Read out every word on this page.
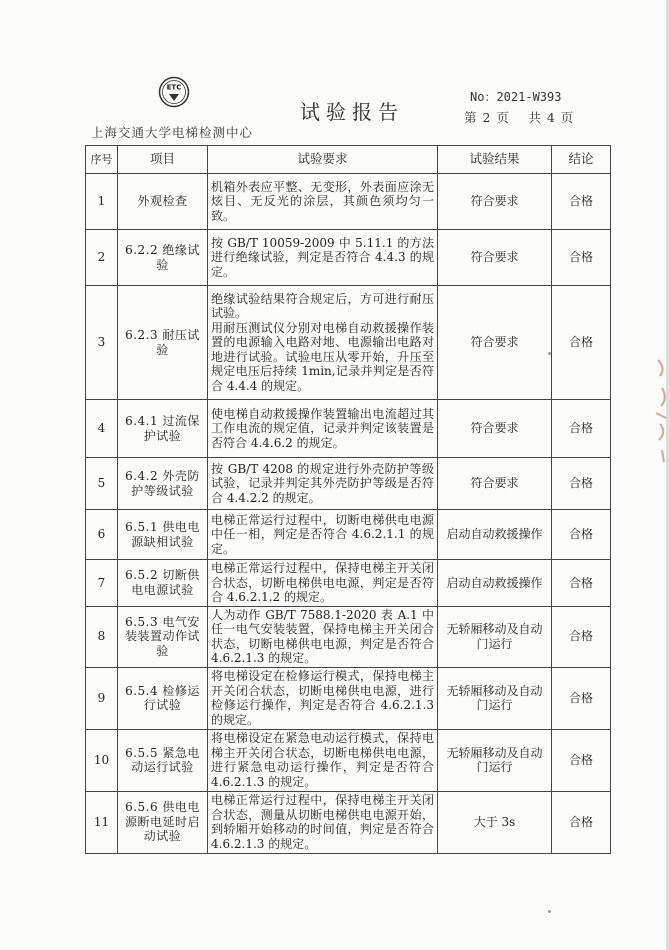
ETC
上海交通大学电梯检测中心
试验报告
No：2021-W393
第 2 页　 共 4 页
序号	项目	试验要求	试验结果	结论
1	外观检查	机箱外表应平整、无变形，外表面应涂无炫目、无反光的涂层，其颜色须均匀一致。	符合要求	合格
2	6.2.2 绝缘试验	按 GB/T 10059-2009 中 5.11.1 的方法进行绝缘试验，判定是否符合 4.4.3 的规定。	符合要求	合格
3	6.2.3 耐压试验	绝缘试验结果符合规定后，方可进行耐压试验。
用耐压测试仪分别对电梯自动救援操作装置的电源输入电路对地、电源输出电路对地进行试验。试验电压从零开始，升压至规定电压后持续 1min,记录并判定是否符合 4.4.4 的规定。	符合要求	合格
4	6.4.1 过流保护试验	使电梯自动救援操作装置输出电流超过其工作电流的规定值，记录并判定该装置是否符合 4.4.6.2 的规定。	符合要求	合格
5	6.4.2 外壳防护等级试验	按 GB/T 4208 的规定进行外壳防护等级试验，记录并判定其外壳防护等级是否符合 4.4.2.2 的规定。	符合要求	合格
6	6.5.1 供电电源缺相试验	电梯正常运行过程中，切断电梯供电电源中任一相，判定是否符合 4.6.2.1.1 的规定。	启动自动救援操作	合格
7	6.5.2 切断供电电源试验	电梯正常运行过程中，保持电梯主开关闭合状态，切断电梯供电电源，判定是否符合 4.6.2.1.2 的规定。	启动自动救援操作	合格
8	6.5.3 电气安装装置动作试验	人为动作 GB/T 7588.1-2020 表 A.1 中任一电气安装装置，保持电梯主开关闭合状态，切断电梯供电电源，判定是否符合 4.6.2.1.3 的规定。	无轿厢移动及自动门运行	合格
9	6.5.4 检修运行试验	将电梯设定在检修运行模式，保持电梯主开关闭合状态，切断电梯供电电源，进行检修运行操作，判定是否符合 4.6.2.1.3 的规定。	无轿厢移动及自动门运行	合格
10	6.5.5 紧急电动运行试验	将电梯设定在紧急电动运行模式，保持电梯主开关闭合状态，切断电梯供电电源，进行紧急电动运行操作，判定是否符合 4.6.2.1.3 的规定。	无轿厢移动及自动门运行	合格
11	6.5.6 供电电源断电延时启动试验	电梯正常运行过程中，保持电梯主开关闭合状态，测量从切断电梯供电电源开始，到轿厢开始移动的时间值，判定是否符合 4.6.2.1.3 的规定。	大于 3s	合格
